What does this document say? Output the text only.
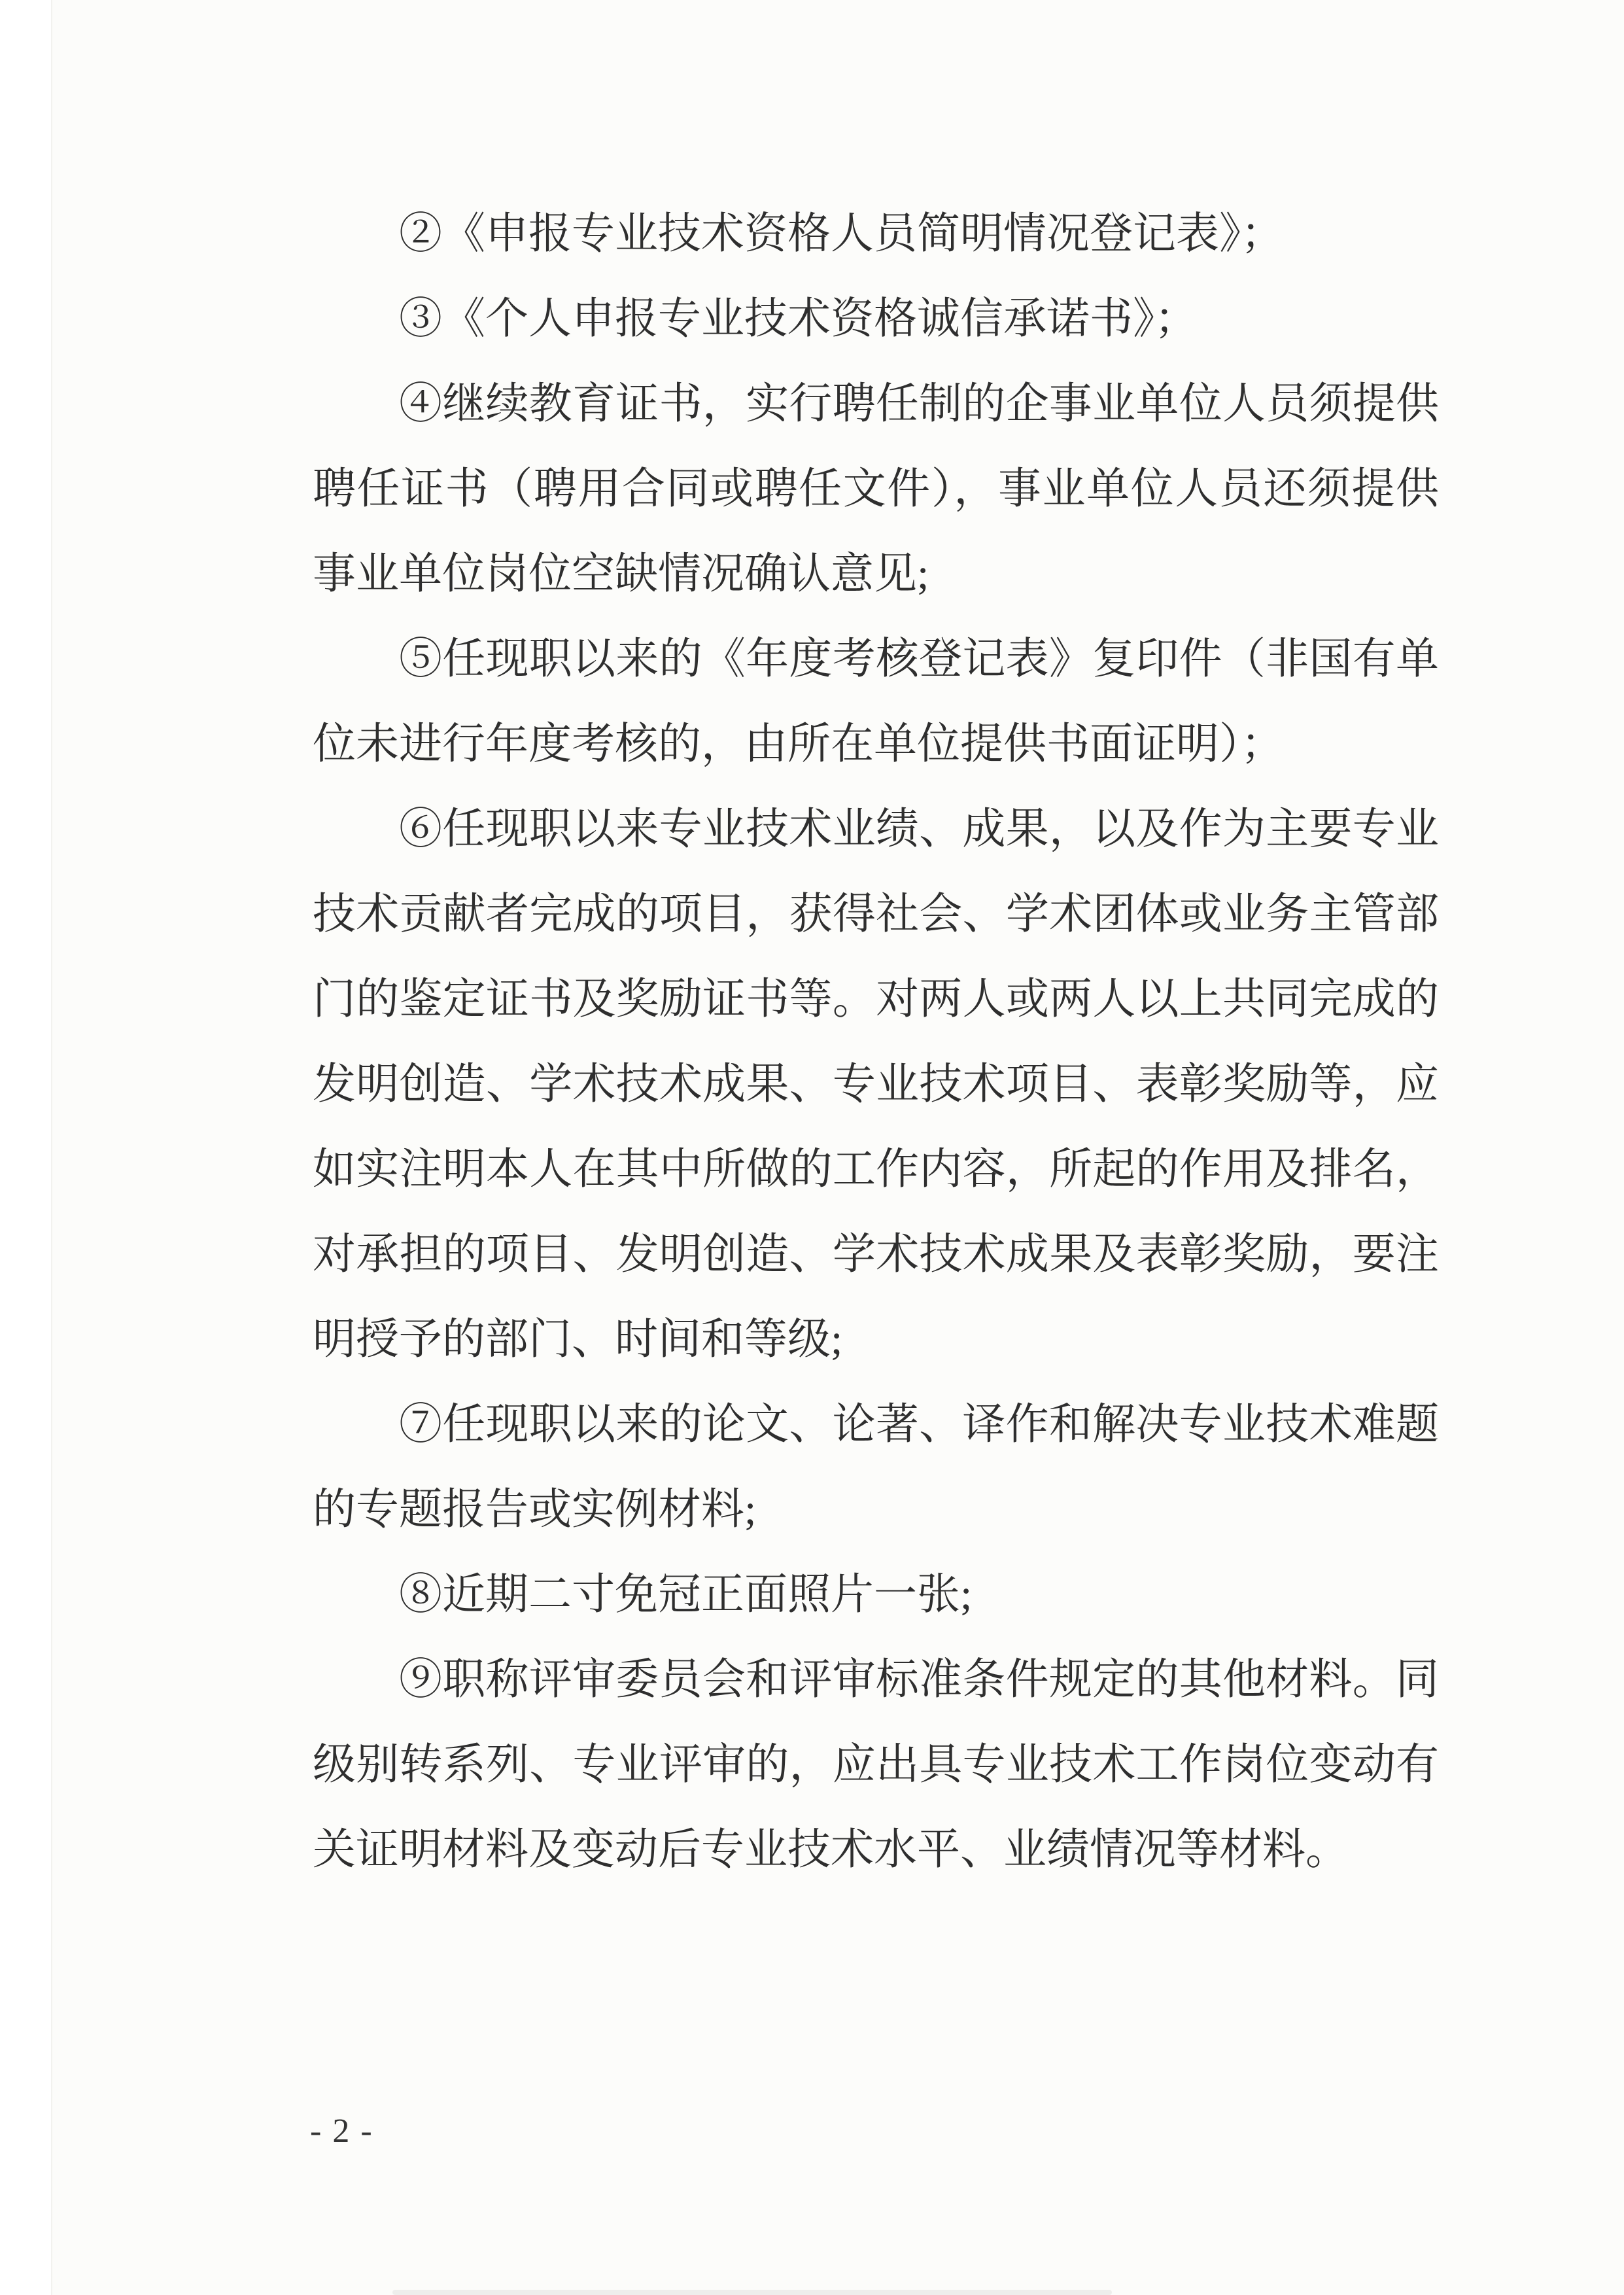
②《申报专业技术资格人员简明情况登记表》；

③《个人申报专业技术资格诚信承诺书》；

④继续教育证书，实行聘任制的企事业单位人员须提供聘任证书（聘用合同或聘任文件），事业单位人员还须提供事业单位岗位空缺情况确认意见;

⑤任现职以来的《年度考核登记表》复印件（非国有单位未进行年度考核的，由所在单位提供书面证明）；

⑥任现职以来专业技术业绩、成果，以及作为主要专业技术贡献者完成的项目，获得社会、学术团体或业务主管部门的鉴定证书及奖励证书等。对两人或两人以上共同完成的发明创造、学术技术成果、专业技术项目、表彰奖励等，应如实注明本人在其中所做的工作内容，所起的作用及排名，对承担的项目、发明创造、学术技术成果及表彰奖励，要注明授予的部门、时间和等级;

⑦任现职以来的论文、论著、译作和解决专业技术难题的专题报告或实例材料;

⑧近期二寸免冠正面照片一张;

⑨职称评审委员会和评审标准条件规定的其他材料。同级别转系列、专业评审的，应出具专业技术工作岗位变动有关证明材料及变动后专业技术水平、业绩情况等材料。

- 2 -
